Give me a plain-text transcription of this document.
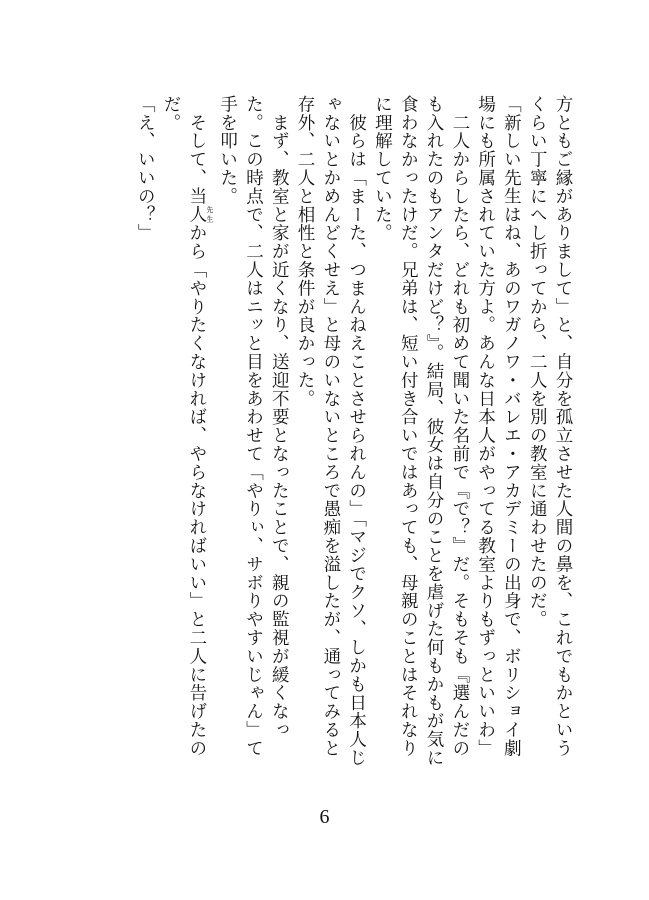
方ともご縁がありまして」と、自分を孤立させた人間の鼻を、これでもかというくらい丁寧にへし折ってから、二人を別の教室に通わせたのだ。

「新しい先生はね、あのワガノワ・バレエ・アカデミーの出身で、ボリショイ劇場にも所属されていた方よ。あんな日本人がやってる教室よりもずっといいわ」

　二人からしたら、どれも初めて聞いた名前で『で？』だ。そもそも『選んだのも入れたのもアンタだけど？』。結局、彼女は自分のことを虐げた何もかもが気に食わなかったけだ。兄弟は、短い付き合いではあっても、母親のことはそれなりに理解していた。

　彼らは「まーた、つまんねえことさせられんの」「マジでクソ、しかも日本人じゃないとかめんどくせえ」と母のいないところで愚痴を溢したが、通ってみると存外、二人と相性と条件が良かった。

　まず、教室と家が近くなり、送迎不要となったことで、親の監視が緩くなった。この時点で、二人はニッと目をあわせて「やりぃ、サボりやすいじゃん」て手を叩いた。

　そして、当人 先生から「やりたくなければ、やらなければいい」と二人に告げたのだ。

「え、いいの？」

6
